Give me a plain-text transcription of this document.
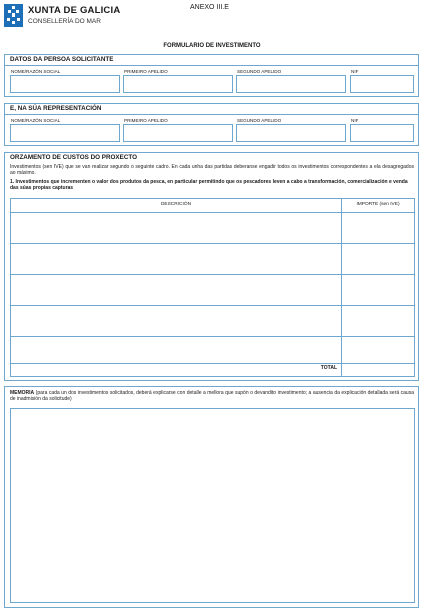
XUNTA DE GALICIA
CONSELLERÍA DO MAR
ANEXO III.E
FORMULARIO DE INVESTIMENTO
DATOS DA PERSOA SOLICITANTE
NOME/RAZÓN SOCIAL	PRIMEIRO APELIDO	SEGUNDO APELIDO	NIF
E, NA SÚA REPRESENTACIÓN
NOME/RAZÓN SOCIAL	PRIMEIRO APELIDO	SEGUNDO APELIDO	NIF
ORZAMENTO DE CUSTOS DO PROXECTO
Investimentos (sen IVE) que se van realizar segundo o seguinte cadro. En cada unha das partidas deberanse engadir todos os investimentos correspondentes a ela desagregados ao máximo.
1. Investimentos que incrementen o valor dos produtos da pesca, en particular permitindo que os pescadores leven a cabo a transformación, comercialización e venda das súas propias capturas
DESCRICIÓN	IMPORTE (sen IVE)
TOTAL
MEMORIA (para cada un dos investimentos solicitados, deberá explicarse con detalle a mellora que supón o devandito investimento; a ausencia da explicación detallada será causa de inadmisión da solicitude)
